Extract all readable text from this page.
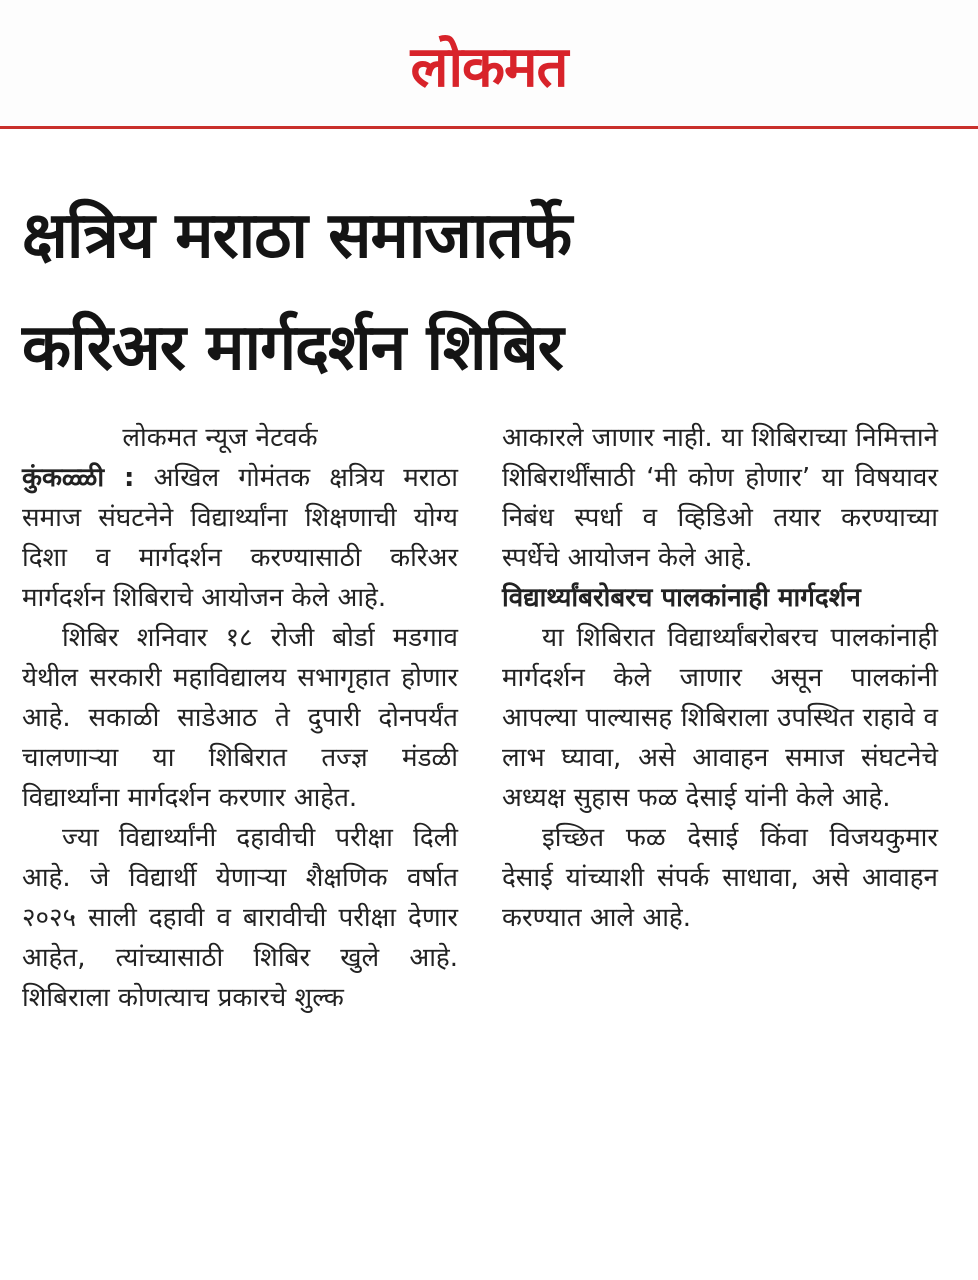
लोकमत
क्षत्रिय मराठा समाजातर्फे
करिअर मार्गदर्शन शिबिर

लोकमत न्यूज नेटवर्क

कुंकळ्ळी : अखिल गोमंतक क्षत्रिय मराठा समाज संघटनेने विद्यार्थ्यांना शिक्षणाची योग्य दिशा व मार्गदर्शन करण्यासाठी करिअर मार्गदर्शन शिबिराचे आयोजन केले आहे.

शिबिर शनिवार १८ रोजी बोर्डा मडगाव येथील सरकारी महाविद्यालय सभागृहात होणार आहे. सकाळी साडेआठ ते दुपारी दोनपर्यंत चालणाऱ्या या शिबिरात तज्ज्ञ मंडळी विद्यार्थ्यांना मार्गदर्शन करणार आहेत.

ज्या विद्यार्थ्यांनी दहावीची परीक्षा दिली आहे. जे विद्यार्थी येणाऱ्या शैक्षणिक वर्षात २०२५ साली दहावी व बारावीची परीक्षा देणार आहेत, त्यांच्यासाठी शिबिर खुले आहे. शिबिराला कोणत्याच प्रकारचे शुल्क

आकारले जाणार नाही. या शिबिराच्या निमित्ताने शिबिरार्थींसाठी ‘मी कोण होणार’ या विषयावर निबंध स्पर्धा व व्हिडिओ तयार करण्याच्या स्पर्धेचे आयोजन केले आहे.

विद्यार्थ्यांबरोबरच पालकांनाही मार्गदर्शन

या शिबिरात विद्यार्थ्यांबरोबरच पालकांनाही मार्गदर्शन केले जाणार असून पालकांनी आपल्या पाल्यासह शिबिराला उपस्थित राहावे व लाभ घ्यावा, असे आवाहन समाज संघटनेचे अध्यक्ष सुहास फळ देसाई यांनी केले आहे.

इच्छित फळ देसाई किंवा विजयकुमार देसाई यांच्याशी संपर्क साधावा, असे आवाहन करण्यात आले आहे.
